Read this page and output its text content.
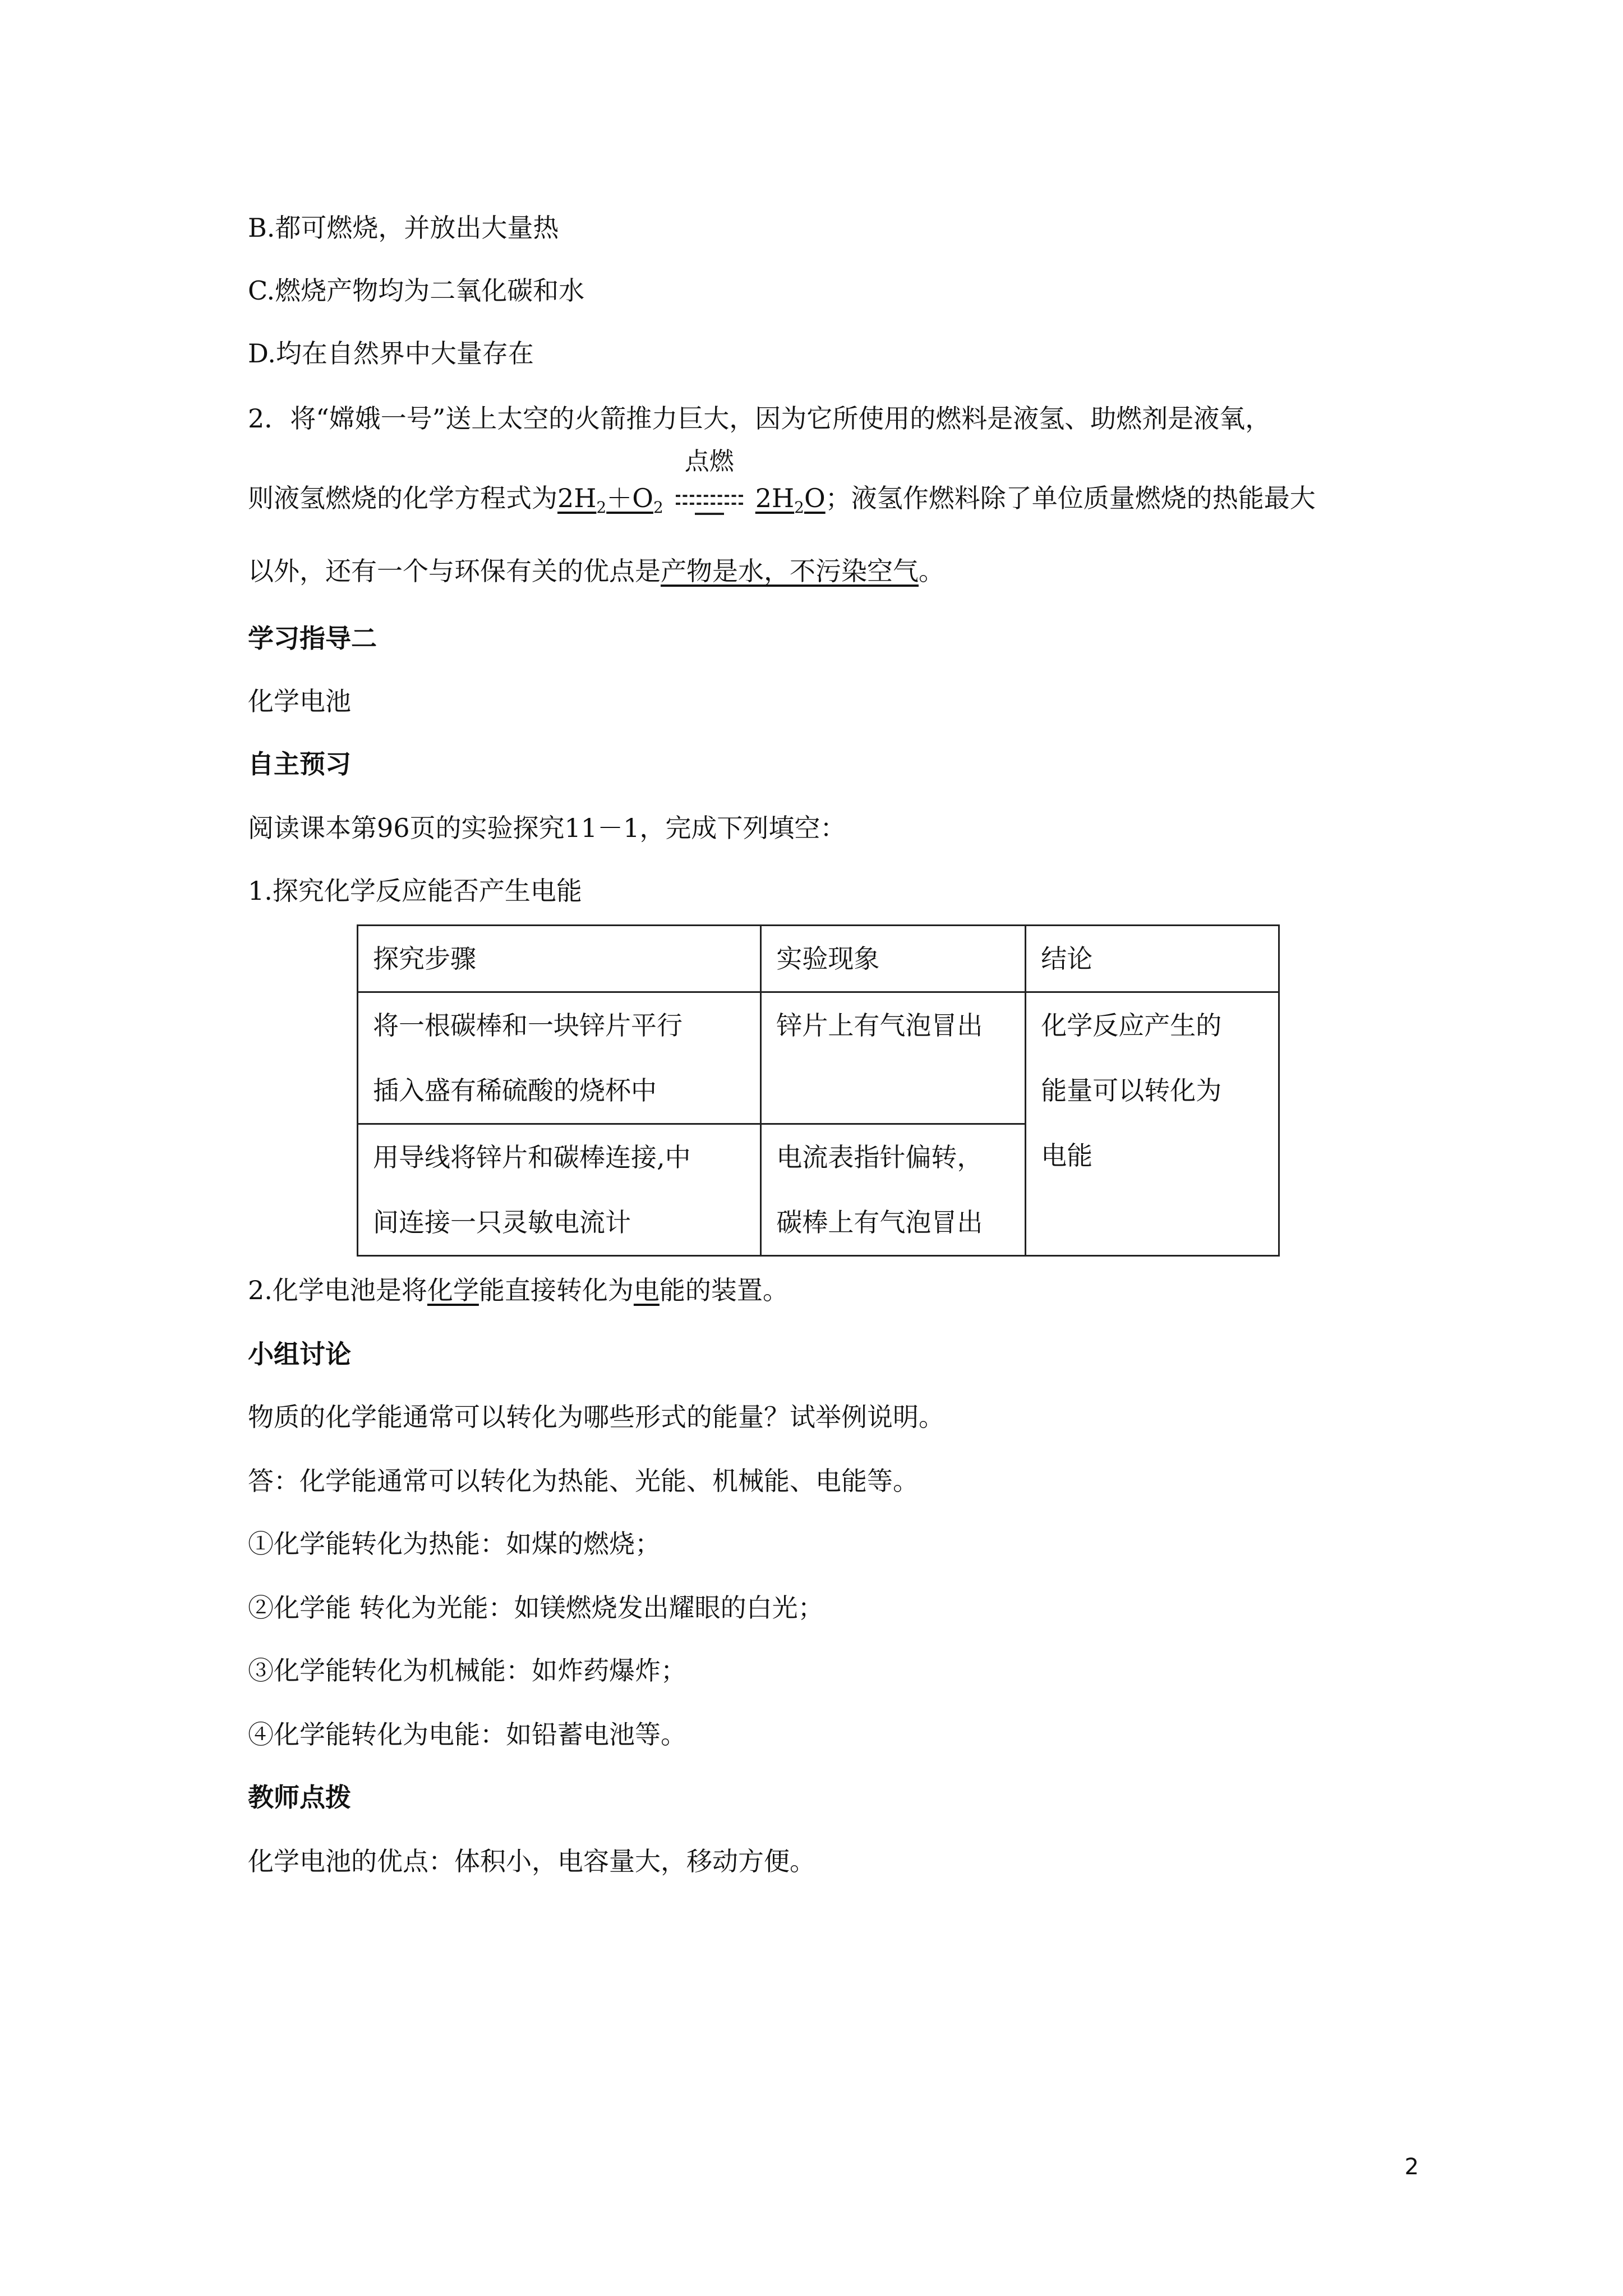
B.都可燃烧，并放出大量热
C.燃烧产物均为二氧化碳和水
D.均在自然界中大量存在
2．将“嫦娥一号”送上太空的火箭推力巨大，因为它所使用的燃料是液氢、助燃剂是液氧，
则液氢燃烧的化学方程式为$2H_2+O_2$
点燃
$2H_2O$；液氢作燃料除了单位质量燃烧的热能最大
以外，还有一个与环保有关的优点是产物是水，不污染空气。
学习指导二
化学电池
自主预习
阅读课本第96页的实验探究11－1，完成下列填空：
1.探究化学反应能否产生电能
探究步骤	实验现象	结论

将一根碳棒和一块锌片平行
插入盛有稀硫酸的烧杯中	锌片上有气泡冒出	化学反应产生的
能量可以转化为
电能

用导线将锌片和碳棒连接,中
间连接一只灵敏电流计	电流表指针偏转，
碳棒上有气泡冒出	
2.化学电池是将化学能直接转化为电能的装置。
小组讨论
物质的化学能通常可以转化为哪些形式的能量？试举例说明。
答：化学能通常可以转化为热能、光能、机械能、电能等。
①化学能转化为热能：如煤的燃烧；
②化学能 转化为光能：如镁燃烧发出耀眼的白光；
③化学能转化为机械能：如炸药爆炸；
④化学能转化为电能：如铅蓄电池等。
教师点拨
化学电池的优点：体积小，电容量大，移动方便。
2
